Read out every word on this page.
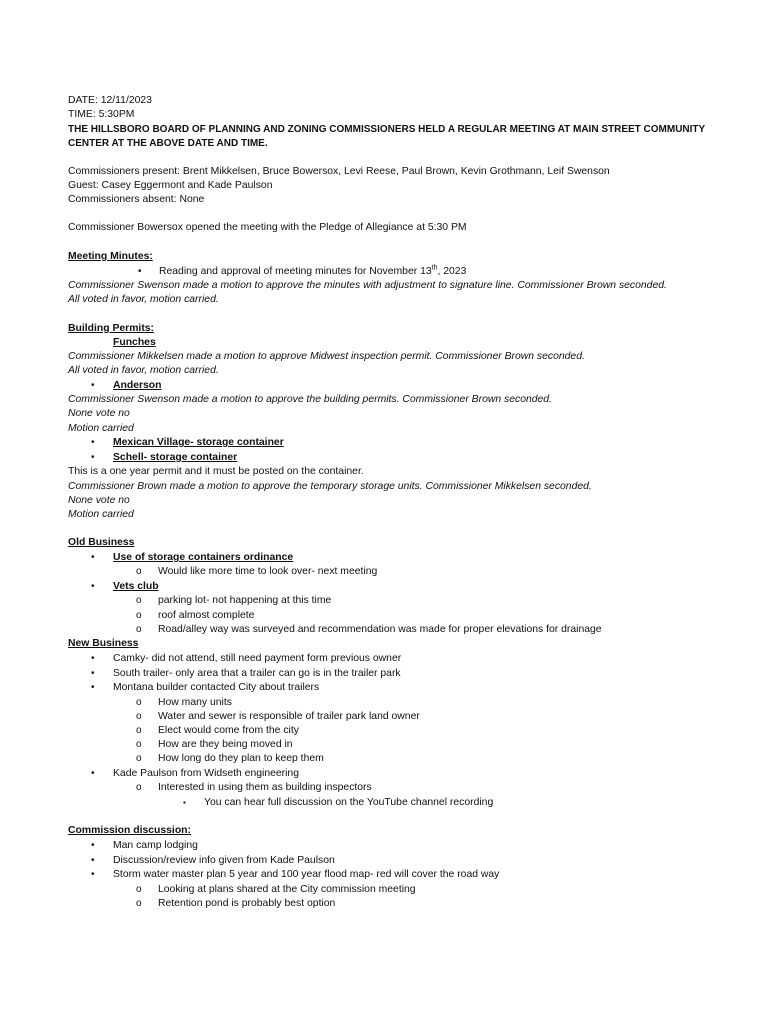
DATE: 12/11/2023
TIME: 5:30PM
THE HILLSBORO BOARD OF PLANNING AND ZONING COMMISSIONERS HELD A REGULAR MEETING AT MAIN STREET COMMUNITY
CENTER AT THE ABOVE DATE AND TIME.
Commissioners present: Brent Mikkelsen, Bruce Bowersox, Levi Reese, Paul Brown, Kevin Grothmann, Leif Swenson
Guest: Casey Eggermont and Kade Paulson
Commissioners absent: None
Commissioner Bowersox opened the meeting with the Pledge of Allegiance at 5:30 PM
Meeting Minutes:
• Reading and approval of meeting minutes for November 13th, 2023
Commissioner Swenson made a motion to approve the minutes with adjustment to signature line. Commissioner Brown seconded.
All voted in favor, motion carried.
Building Permits:
Funches
Commissioner Mikkelsen made a motion to approve Midwest inspection permit. Commissioner Brown seconded.
All voted in favor, motion carried.
• Anderson
Commissioner Swenson made a motion to approve the building permits. Commissioner Brown seconded.
None vote no
Motion carried
• Mexican Village- storage container
• Schell- storage container
This is a one year permit and it must be posted on the container.
Commissioner Brown made a motion to approve the temporary storage units. Commissioner Mikkelsen seconded.
None vote no
Motion carried
Old Business
• Use of storage containers ordinance
o Would like more time to look over- next meeting
• Vets club
o parking lot- not happening at this time
o roof almost complete
o Road/alley way was surveyed and recommendation was made for proper elevations for drainage
New Business
• Camky- did not attend, still need payment form previous owner
• South trailer- only area that a trailer can go is in the trailer park
• Montana builder contacted City about trailers
o How many units
o Water and sewer is responsible of trailer park land owner
o Elect would come from the city
o How are they being moved in
o How long do they plan to keep them
• Kade Paulson from Widseth engineering
o Interested in using them as building inspectors
▪ You can hear full discussion on the YouTube channel recording
Commission discussion:
• Man camp lodging
• Discussion/review info given from Kade Paulson
• Storm water master plan 5 year and 100 year flood map- red will cover the road way
o Looking at plans shared at the City commission meeting
o Retention pond is probably best option
